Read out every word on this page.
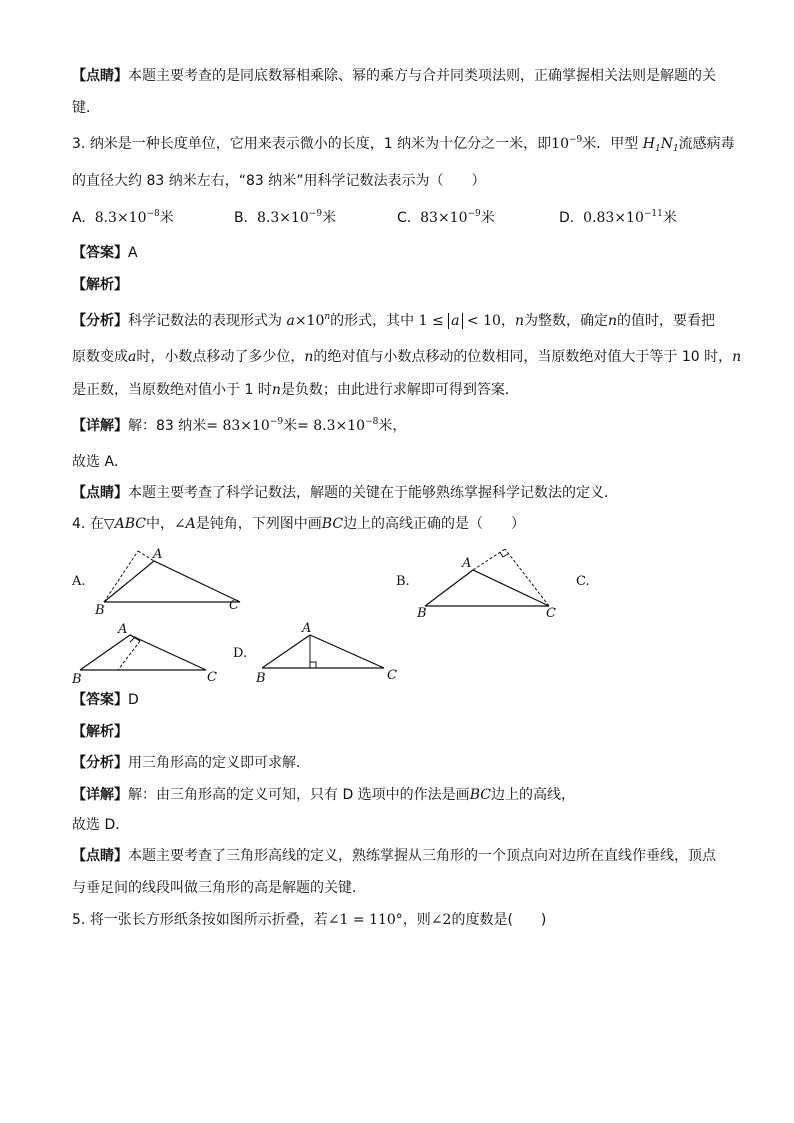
【点睛】本题主要考查的是同底数幂相乘除、幂的乘方与合并同类项法则，正确掌握相关法则是解题的关
键．
3. 纳米是一种长度单位，它用来表示微小的长度，1 纳米为十亿分之一米，即$10^{-9}$米．甲型 $H_1N_1$流感病毒
的直径大约 83 纳米左右，“83 纳米”用科学记数法表示为（　　）
A. $8.3\times 10^{-8}$米	B. $8.3\times 10^{-9}$米	C. $83\times 10^{-9}$米	D. $0.83\times 10^{-11}$米
【答案】A
【解析】
【分析】科学记数法的表现形式为 $a\times 10^n$的形式，其中 1 ≤ a < 10，n为整数，确定n的值时，要看把
原数变成a时，小数点移动了多少位，n的绝对值与小数点移动的位数相同，当原数绝对值大于等于 10 时，n
是正数，当原数绝对值小于 1 时n是负数；由此进行求解即可得到答案．
【详解】解：83 纳米= $83\times 10^{-9}$米= $8.3\times 10^{-8}$米，
故选 A．
【点睛】本题主要考查了科学记数法，解题的关键在于能够熟练掌握科学记数法的定义．
4. 在▽ABC中，∠A是钝角，下列图中画BC边上的高线正确的是（　　）
A.
A
B	C
B.
A
B	C
C.
A
B	C
D.
A
B	C
【答案】D
【解析】
【分析】用三角形高的定义即可求解．
【详解】解：由三角形高的定义可知，只有 D 选项中的作法是画BC边上的高线，
故选 D．
【点睛】本题主要考查了三角形高线的定义，熟练掌握从三角形的一个顶点向对边所在直线作垂线，顶点
与垂足间的线段叫做三角形的高是解题的关键．
5. 将一张长方形纸条按如图所示折叠，若∠1 = 110°，则∠2的度数是(　　)
